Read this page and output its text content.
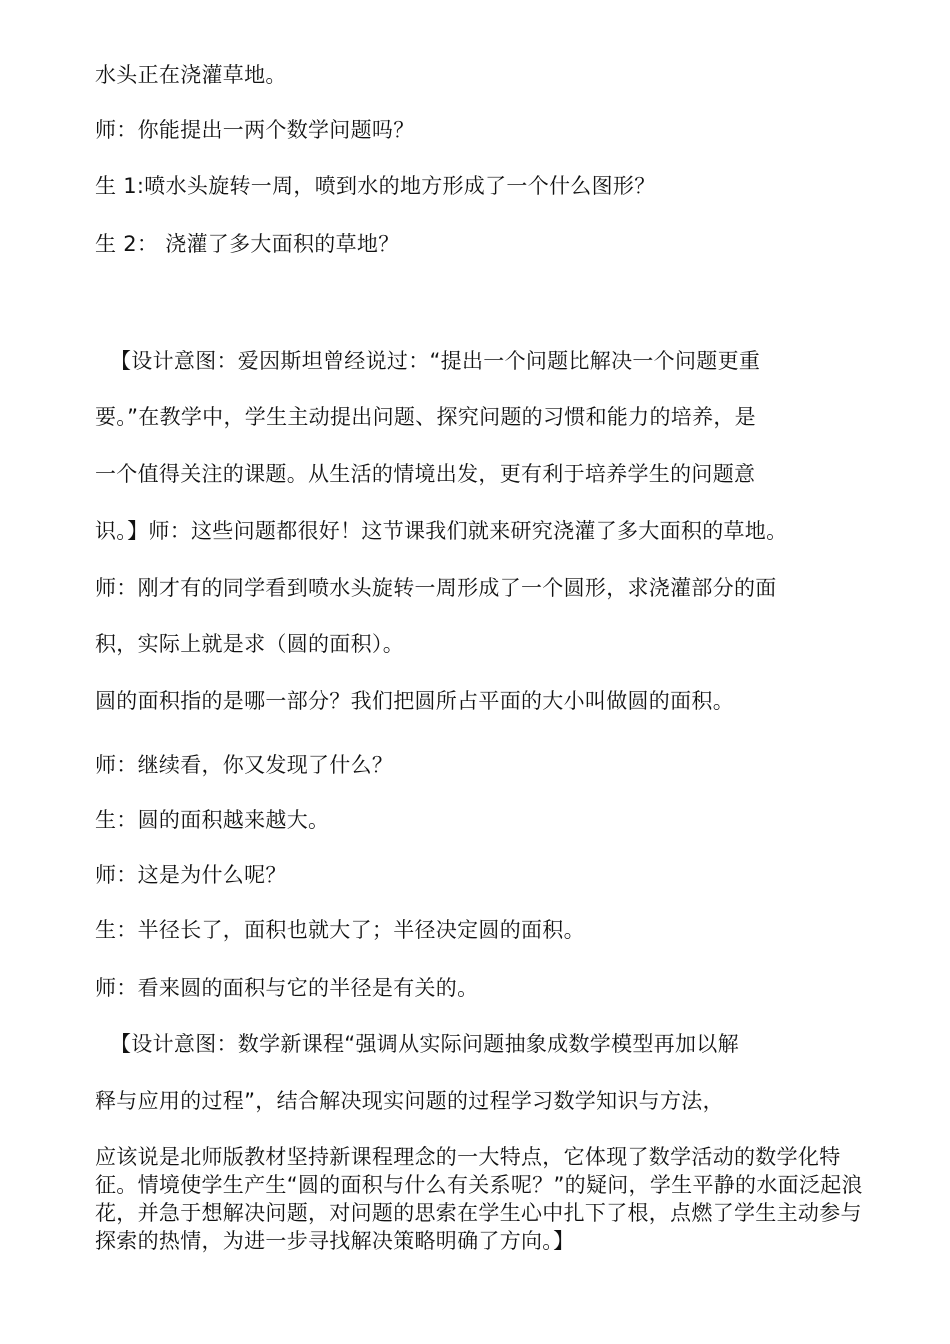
水头正在浇灌草地。
师：你能提出一两个数学问题吗？
生 1:喷水头旋转一周，喷到水的地方形成了一个什么图形？
生 2： 浇灌了多大面积的草地？
【设计意图：爱因斯坦曾经说过：“提出一个问题比解决一个问题更重
要。”在教学中，学生主动提出问题、探究问题的习惯和能力的培养，是
一个值得关注的课题。从生活的情境出发，更有利于培养学生的问题意
识。】师：这些问题都很好！这节课我们就来研究浇灌了多大面积的草地。
师：刚才有的同学看到喷水头旋转一周形成了一个圆形，求浇灌部分的面
积，实际上就是求（圆的面积）。
圆的面积指的是哪一部分？我们把圆所占平面的大小叫做圆的面积。
师：继续看，你又发现了什么？
生：圆的面积越来越大。
师：这是为什么呢？
生：半径长了，面积也就大了；半径决定圆的面积。
师：看来圆的面积与它的半径是有关的。
【设计意图：数学新课程“强调从实际问题抽象成数学模型再加以解
释与应用的过程”，结合解决现实问题的过程学习数学知识与方法，
应该说是北师版教材坚持新课程理念的一大特点，它体现了数学活动的数学化特征。情境使学生产生“圆的面积与什么有关系呢？”的疑问，学生平静的水面泛起浪花，并急于想解决问题，对问题的思索在学生心中扎下了根，点燃了学生主动参与探索的热情，为进一步寻找解决策略明确了方向。】
